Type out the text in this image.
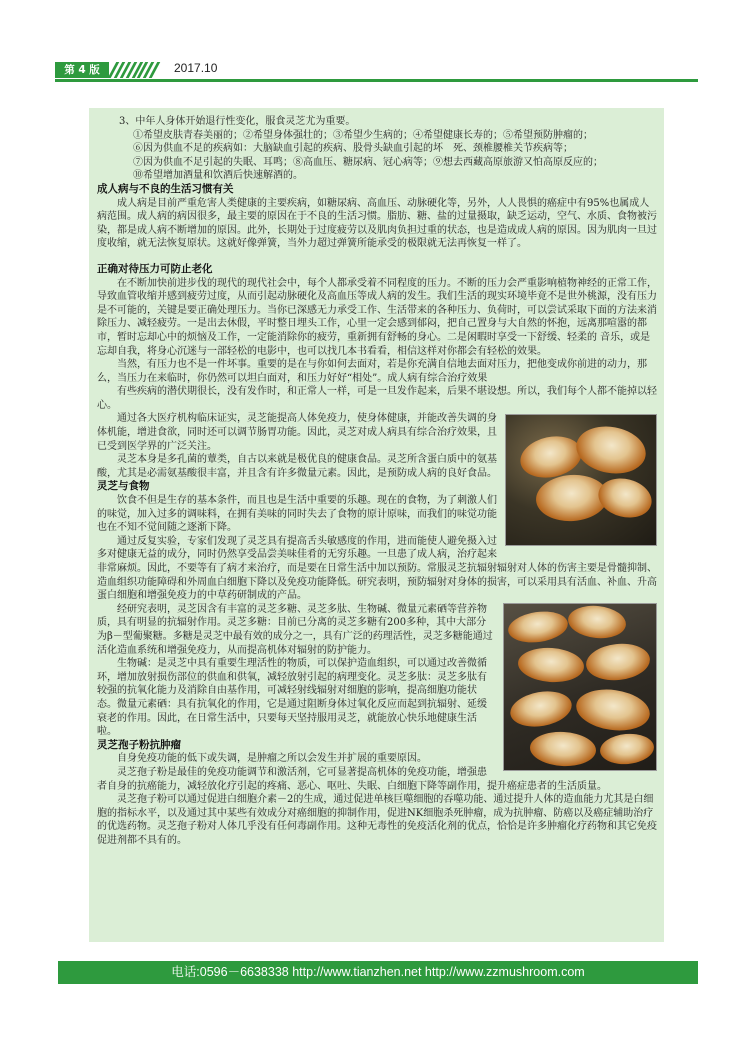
第 4 版	2017.10

3、中年人身体开始退行性变化，服食灵芝尤为重要。

①希望皮肤青春美丽的；②希望身体强壮的；③希望少生病的；④希望健康长寿的；⑤希望预防肿瘤的；

⑥因为供血不足的疾病如：大脑缺血引起的疾病、股骨头缺血引起的坏　死、颈椎腰椎关节疾病等；

⑦因为供血不足引起的失眠、耳鸣；⑧高血压、糖尿病、冠心病等；⑨想去西藏高原旅游又怕高原反应的；

⑩希望增加酒量和饮酒后快速解酒的。

成人病与不良的生活习惯有关

成人病是目前严重危害人类健康的主要疾病，如糖尿病、高血压、动脉硬化等，另外，人人畏惧的癌症中有95%也属成人病范围。成人病的病因很多，最主要的原因在于不良的生活习惯。脂肪、糖、盐的过量摄取，缺乏运动，空气、水质、食物被污染，都是成人病不断增加的原因。此外，长期处于过度疲劳以及肌肉负担过重的状态，也是造成成人病的原因。因为肌肉一旦过度收缩，就无法恢复原状。这就好像弹簧，当外力超过弹簧所能承受的极限就无法再恢复一样了。

正确对待压力可防止老化

在不断加快前进步伐的现代的现代社会中，每个人都承受着不同程度的压力。不断的压力会严重影响植物神经的正常工作，导致血管收缩并感到疲劳过度，从而引起动脉硬化及高血压等成人病的发生。我们生活的现实环境毕竟不是世外桃源，没有压力是不可能的，关键是要正确处理压力。当你已深感无力承受工作、生活带来的各种压力、负荷时，可以尝试采取下面的方法来消除压力、减轻疲劳。一是出去休假，平时整日埋头工作，心里一定会感到郁闷，把自己置身与大自然的怀抱，远离那喧嚣的都市，暂时忘却心中的烦恼及工作，一定能消除你的疲劳，重新拥有舒畅的身心。二是闲暇时享受一下舒缓、轻柔的 音乐，或是忘却自我，将身心沉迷与一部轻松的电影中，也可以找几本书看看，相信这样对你都会有轻松的效果。

当然，有压力也不是一件坏事。重要的是在与你如何去面对，若是你充满自信地去面对压力，把他变成你前进的动力，那么，当压力在来临时，你仍然可以坦白面对，和压力好好“相处”。成人病有综合治疗效果

有些疾病的潜伏期很长，没有发作时，和正常人一样，可是一旦发作起来，后果不堪设想。所以，我们每个人都不能掉以轻心。

通过各大医疗机构临床证实，灵芝能提高人体免疫力，使身体健康，并能改善失调的身体机能，增进食欲，同时还可以调节肠胃功能。因此，灵芝对成人病具有综合治疗效果，且已受到医学界的广泛关注。

灵芝本身是多孔菌的蕈类，自古以来就是极优良的健康食品。灵芝所含蛋白质中的氨基酸，尤其是必需氨基酸很丰富，并且含有许多微量元素。因此，是预防成人病的良好食品。

灵芝与食物

饮食不但是生存的基本条件，而且也是生活中重要的乐趣。现在的食物，为了刺激人们的味觉，加入过多的调味料，在拥有美味的同时失去了食物的原计原味，而我们的味觉功能也在不知不觉间随之逐渐下降。

通过反复实验，专家们发现了灵芝具有提高舌头敏感度的作用，进而能使人避免摄入过多对健康无益的成分，同时仍然享受品尝美味佳肴的无穷乐趣。一旦患了成人病，治疗起来非常麻烦。因此，不要等有了病才来治疗，而是要在日常生活中加以预防。常服灵芝抗辐射辐射对人体的伤害主要是骨髓抑制、造血组织功能障碍和外周血白细胞下降以及免疫功能降低。研究表明，预防辐射对身体的损害，可以采用具有活血、补血、升高蛋白细胞和增强免疫力的中草药研制成的产品。

经研究表明，灵芝因含有丰富的灵芝多糖、灵芝多肽、生物碱、微量元素硒等营养物质，具有明显的抗辐射作用。灵芝多糖：目前已分离的灵芝多糖有200多种，其中大部分为β－型葡聚糖。多糖是灵芝中最有效的成分之一，具有广泛的药理活性，灵芝多糖能通过活化造血系统和增强免疫力，从而提高机体对辐射的防护能力。

生物碱：是灵芝中具有重要生理活性的物质，可以保护造血组织，可以通过改善微循环，增加放射损伤部位的供血和供氧，减轻放射引起的病理变化。灵芝多肽：灵芝多肽有较强的抗氧化能力及消除自由基作用，可减轻射线辐射对细胞的影响，提高细胞功能状态。微量元素硒：具有抗氧化的作用，它是通过阻断身体过氧化反应而起到抗辐射、延缓衰老的作用。因此，在日常生活中，只要每天坚持服用灵芝，就能放心快乐地健康生活啦。

灵芝孢子粉抗肿瘤

自身免疫功能的低下或失调，是肿瘤之所以会发生并扩展的重要原因。

灵芝孢子粉是最佳的免疫功能调节和激活剂，它可显著提高机体的免疫功能，增强患者自身的抗癌能力，减轻放化疗引起的疼痛、恶心、呕吐、失眠、白细胞下降等副作用，提升癌症患者的生活质量。

灵芝孢子粉可以通过促进白细胞介素－2的生成，通过促进单核巨噬细胞的吞噬功能、通过提升人体的造血能力尤其是白细胞的指标水平，以及通过其中某些有效成分对癌细胞的抑制作用，促进NK细胞杀死肿瘤，成为抗肿瘤、防癌以及癌症辅助治疗的优选药物。灵芝孢子粉对人体几乎没有任何毒副作用。这种无毒性的免疫活化剂的优点，恰恰是许多肿瘤化疗药物和其它免疫促进剂都不具有的。

电话:0596－6638338 http://www.tianzhen.net http://www.zzmushroom.com
